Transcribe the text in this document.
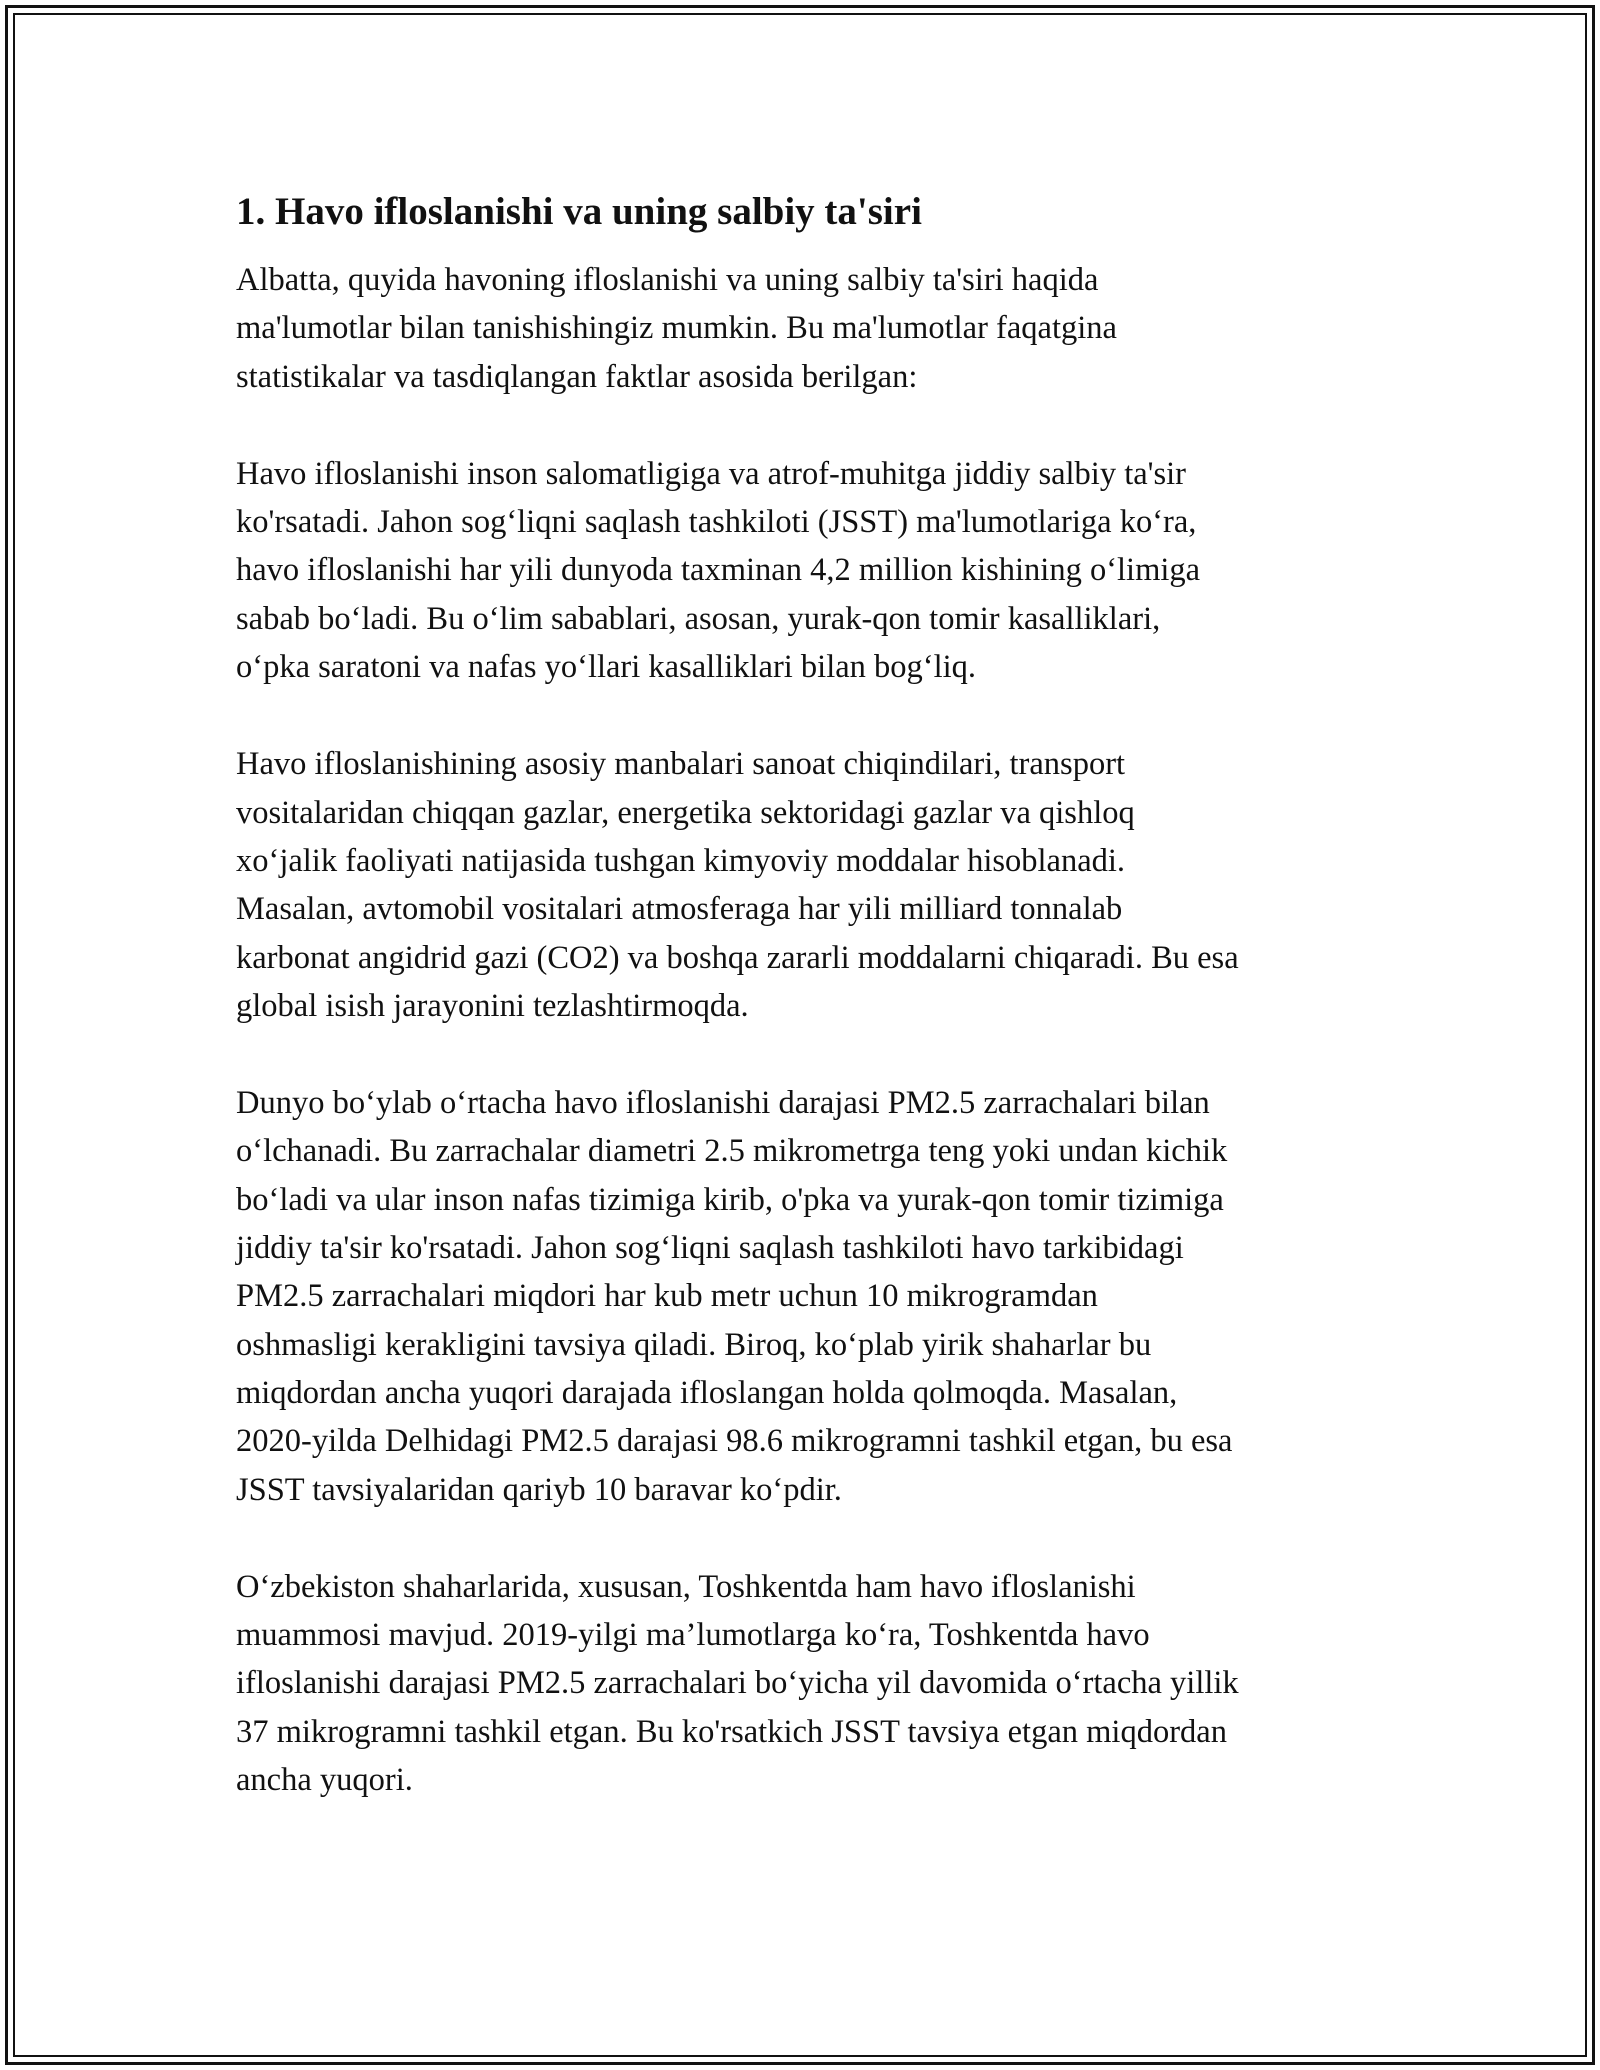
1. Havo ifloslanishi va uning salbiy ta'siri

Albatta, quyida havoning ifloslanishi va uning salbiy ta'siri haqida
ma'lumotlar bilan tanishishingiz mumkin. Bu ma'lumotlar faqatgina
statistikalar va tasdiqlangan faktlar asosida berilgan:

Havo ifloslanishi inson salomatligiga va atrof-muhitga jiddiy salbiy ta'sir
ko'rsatadi. Jahon sog‘liqni saqlash tashkiloti (JSST) ma'lumotlariga ko‘ra,
havo ifloslanishi har yili dunyoda taxminan 4,2 million kishining o‘limiga
sabab bo‘ladi. Bu o‘lim sabablari, asosan, yurak-qon tomir kasalliklari,
o‘pka saratoni va nafas yo‘llari kasalliklari bilan bog‘liq.

Havo ifloslanishining asosiy manbalari sanoat chiqindilari, transport
vositalaridan chiqqan gazlar, energetika sektoridagi gazlar va qishloq
xo‘jalik faoliyati natijasida tushgan kimyoviy moddalar hisoblanadi.
Masalan, avtomobil vositalari atmosferaga har yili milliard tonnalab
karbonat angidrid gazi (CO2) va boshqa zararli moddalarni chiqaradi. Bu esa
global isish jarayonini tezlashtirmoqda.

Dunyo bo‘ylab o‘rtacha havo ifloslanishi darajasi PM2.5 zarrachalari bilan
o‘lchanadi. Bu zarrachalar diametri 2.5 mikrometrga teng yoki undan kichik
bo‘ladi va ular inson nafas tizimiga kirib, o'pka va yurak-qon tomir tizimiga
jiddiy ta'sir ko'rsatadi. Jahon sog‘liqni saqlash tashkiloti havo tarkibidagi
PM2.5 zarrachalari miqdori har kub metr uchun 10 mikrogramdan
oshmasligi kerakligini tavsiya qiladi. Biroq, ko‘plab yirik shaharlar bu
miqdordan ancha yuqori darajada ifloslangan holda qolmoqda. Masalan,
2020-yilda Delhidagi PM2.5 darajasi 98.6 mikrogramni tashkil etgan, bu esa
JSST tavsiyalaridan qariyb 10 baravar ko‘pdir.

O‘zbekiston shaharlarida, xususan, Toshkentda ham havo ifloslanishi
muammosi mavjud. 2019-yilgi ma’lumotlarga ko‘ra, Toshkentda havo
ifloslanishi darajasi PM2.5 zarrachalari bo‘yicha yil davomida o‘rtacha yillik
37 mikrogramni tashkil etgan. Bu ko'rsatkich JSST tavsiya etgan miqdordan
ancha yuqori.
